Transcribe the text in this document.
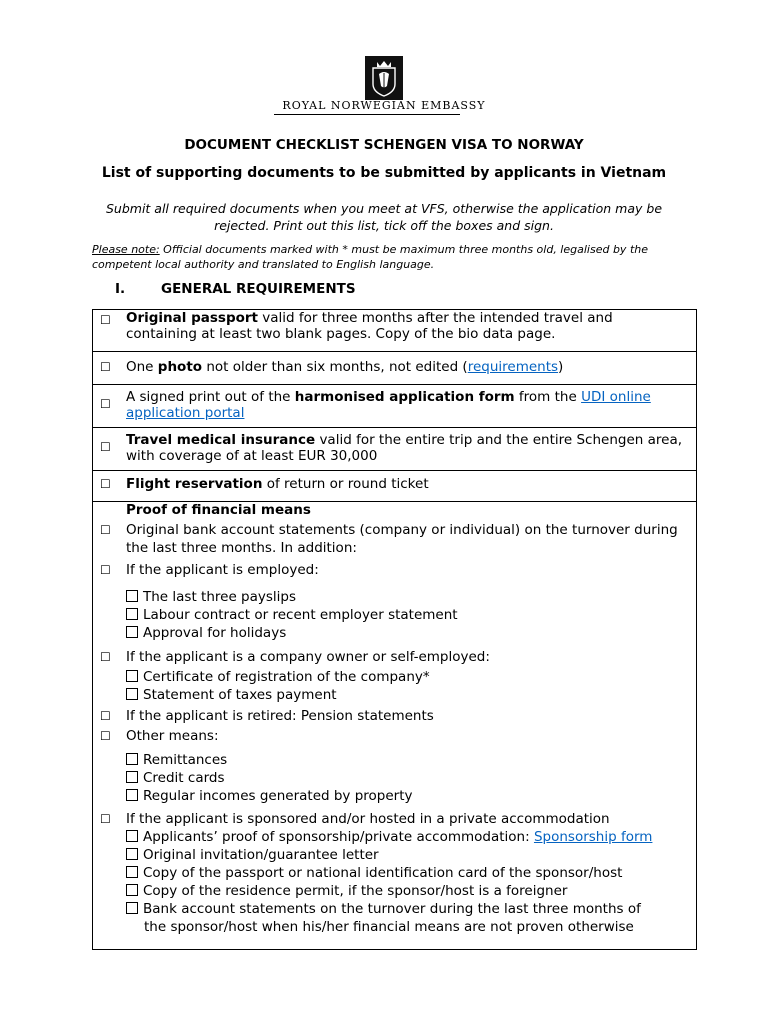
ROYAL NORWEGIAN EMBASSY
DOCUMENT CHECKLIST SCHENGEN VISA TO NORWAY
List of supporting documents to be submitted by applicants in Vietnam
Submit all required documents when you meet at VFS, otherwise the application may be rejected. Print out this list, tick off the boxes and sign.
Please note: Official documents marked with * must be maximum three months old, legalised by the competent local authority and translated to English language.
I.	GENERAL REQUIREMENTS
☐ Original passport valid for three months after the intended travel and containing at least two blank pages. Copy of the bio data page.
☐ One photo not older than six months, not edited (requirements)
☐ A signed print out of the harmonised application form from the UDI online application portal
☐ Travel medical insurance valid for the entire trip and the entire Schengen area, with coverage of at least EUR 30,000
☐ Flight reservation of return or round ticket
Proof of financial means
☐ Original bank account statements (company or individual) on the turnover during the last three months. In addition:
☐ If the applicant is employed:
The last three payslips
Labour contract or recent employer statement
Approval for holidays
☐ If the applicant is a company owner or self-employed:
Certificate of registration of the company*
Statement of taxes payment
☐ If the applicant is retired: Pension statements
☐ Other means:
Remittances
Credit cards
Regular incomes generated by property
☐ If the applicant is sponsored and/or hosted in a private accommodation
Applicants’ proof of sponsorship/private accommodation: Sponsorship form
Original invitation/guarantee letter
Copy of the passport or national identification card of the sponsor/host
Copy of the residence permit, if the sponsor/host is a foreigner
Bank account statements on the turnover during the last three months of
the sponsor/host when his/her financial means are not proven otherwise
